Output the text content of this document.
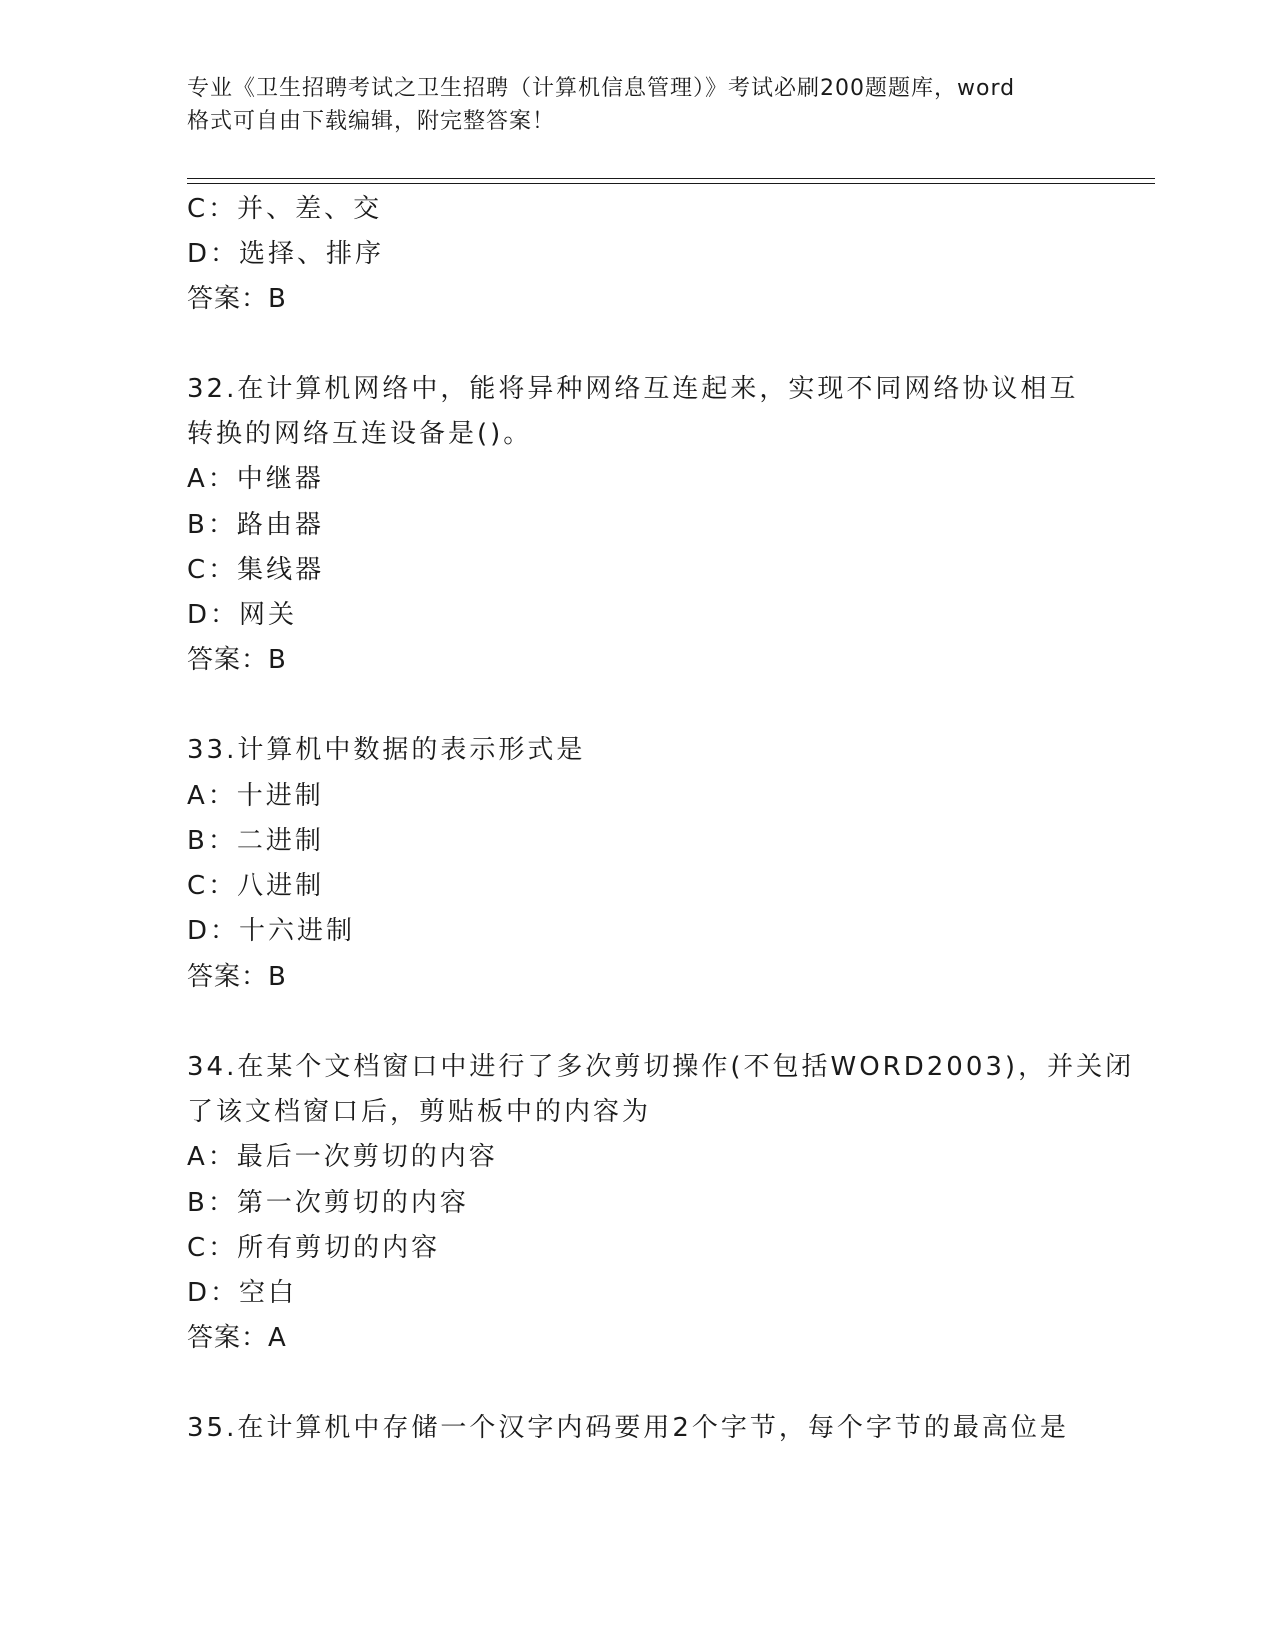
专业《卫生招聘考试之卫生招聘（计算机信息管理）》考试必刷200题题库，word
格式可自由下载编辑，附完整答案！
C：并、差、交
D：选择、排序
答案：B
32.在计算机网络中，能将异种网络互连起来，实现不同网络协议相互
转换的网络互连设备是()。
A：中继器
B：路由器
C：集线器
D：网关
答案：B
33.计算机中数据的表示形式是
A：十进制
B：二进制
C：八进制
D：十六进制
答案：B
34.在某个文档窗口中进行了多次剪切操作(不包括WORD2003)，并关闭
了该文档窗口后，剪贴板中的内容为
A：最后一次剪切的内容
B：第一次剪切的内容
C：所有剪切的内容
D：空白
答案：A
35.在计算机中存储一个汉字内码要用2个字节，每个字节的最高位是
